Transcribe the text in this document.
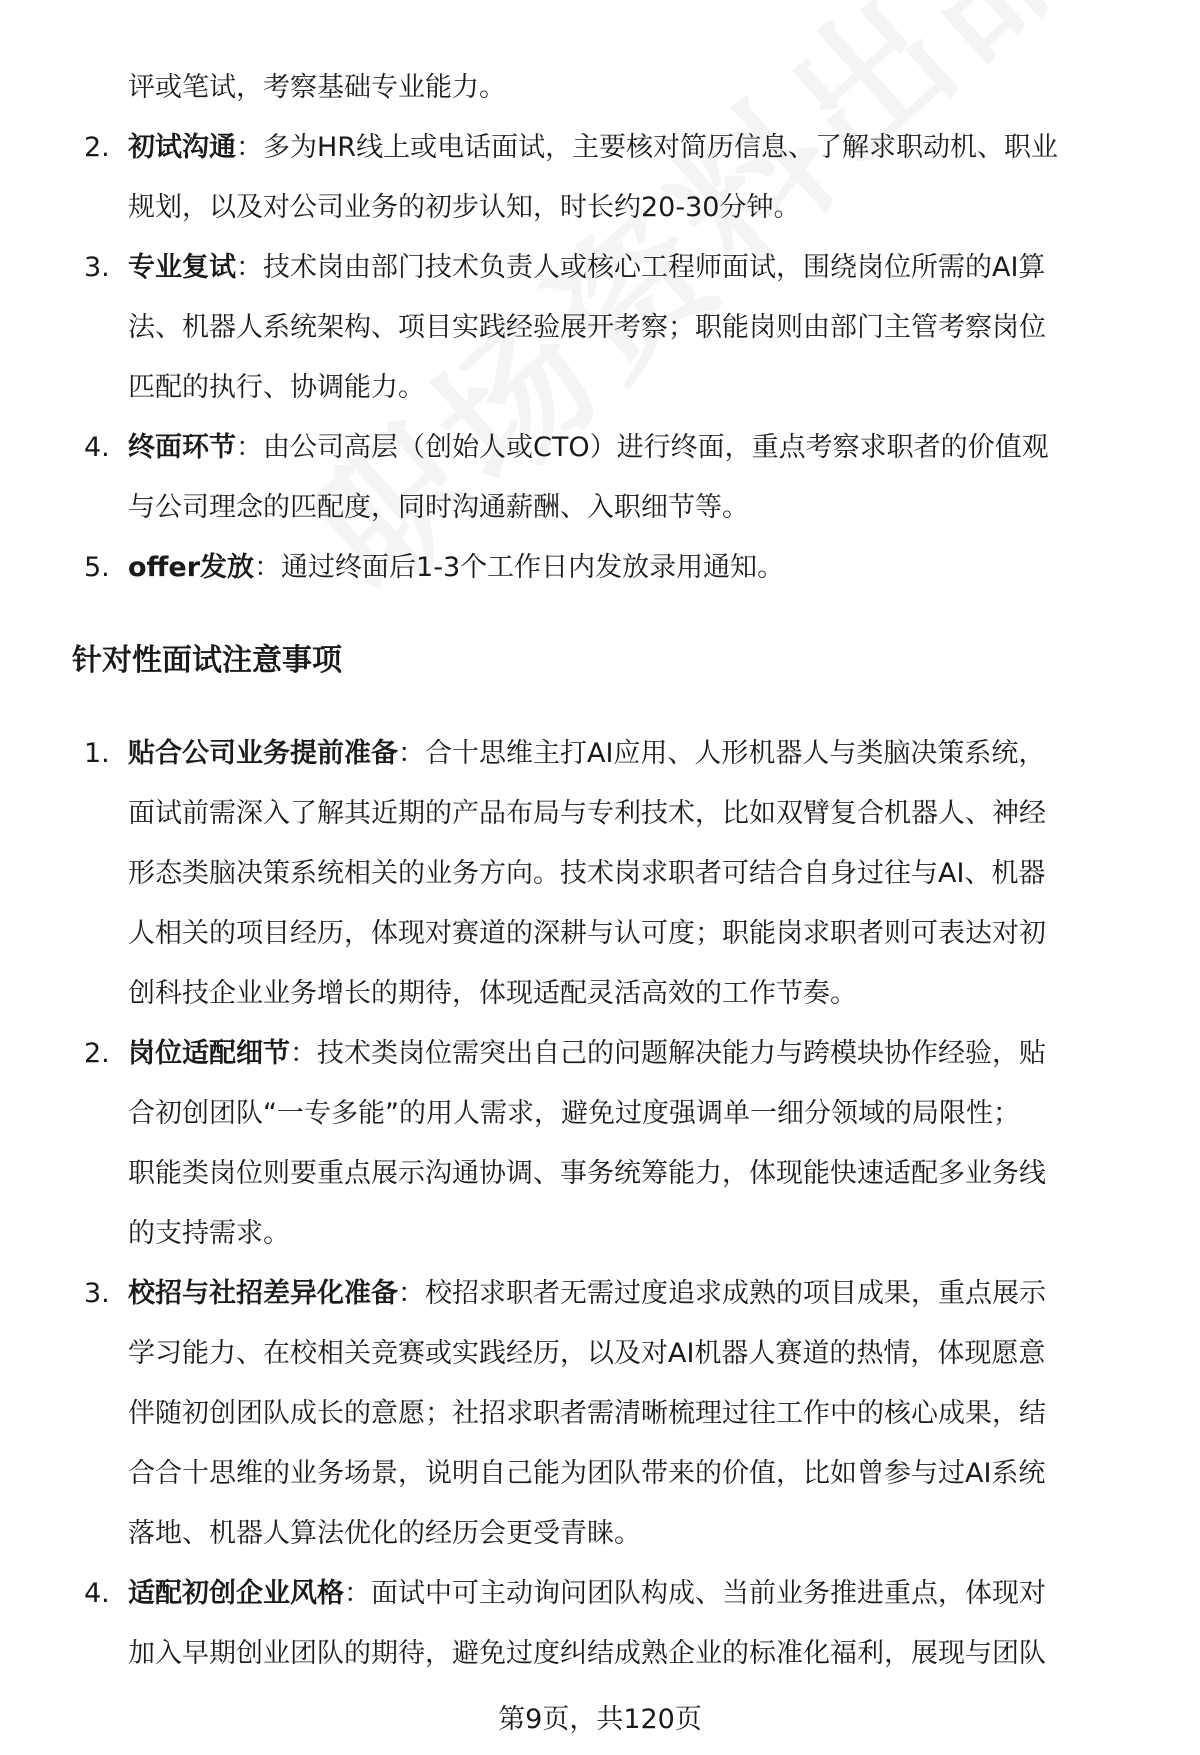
评或笔试，考察基础专业能力。
2. 初试沟通：多为HR线上或电话面试，主要核对简历信息、了解求职动机、职业
规划，以及对公司业务的初步认知，时长约20-30分钟。
3. 专业复试：技术岗由部门技术负责人或核心工程师面试，围绕岗位所需的AI算
法、机器人系统架构、项目实践经验展开考察；职能岗则由部门主管考察岗位
匹配的执行、协调能力。
4. 终面环节：由公司高层（创始人或CTO）进行终面，重点考察求职者的价值观
与公司理念的匹配度，同时沟通薪酬、入职细节等。
5. offer发放：通过终面后1-3个工作日内发放录用通知。
针对性面试注意事项
1. 贴合公司业务提前准备：合十思维主打AI应用、人形机器人与类脑决策系统，
面试前需深入了解其近期的产品布局与专利技术，比如双臂复合机器人、神经
形态类脑决策系统相关的业务方向。技术岗求职者可结合自身过往与AI、机器
人相关的项目经历，体现对赛道的深耕与认可度；职能岗求职者则可表达对初
创科技企业业务增长的期待，体现适配灵活高效的工作节奏。
2. 岗位适配细节：技术类岗位需突出自己的问题解决能力与跨模块协作经验，贴
合初创团队“一专多能”的用人需求，避免过度强调单一细分领域的局限性；
职能类岗位则要重点展示沟通协调、事务统筹能力，体现能快速适配多业务线
的支持需求。
3. 校招与社招差异化准备：校招求职者无需过度追求成熟的项目成果，重点展示
学习能力、在校相关竞赛或实践经历，以及对AI机器人赛道的热情，体现愿意
伴随初创团队成长的意愿；社招求职者需清晰梳理过往工作中的核心成果，结
合合十思维的业务场景，说明自己能为团队带来的价值，比如曾参与过AI系统
落地、机器人算法优化的经历会更受青睐。
4. 适配初创企业风格：面试中可主动询问团队构成、当前业务推进重点，体现对
加入早期创业团队的期待，避免过度纠结成熟企业的标准化福利，展现与团队
第9页，共120页
